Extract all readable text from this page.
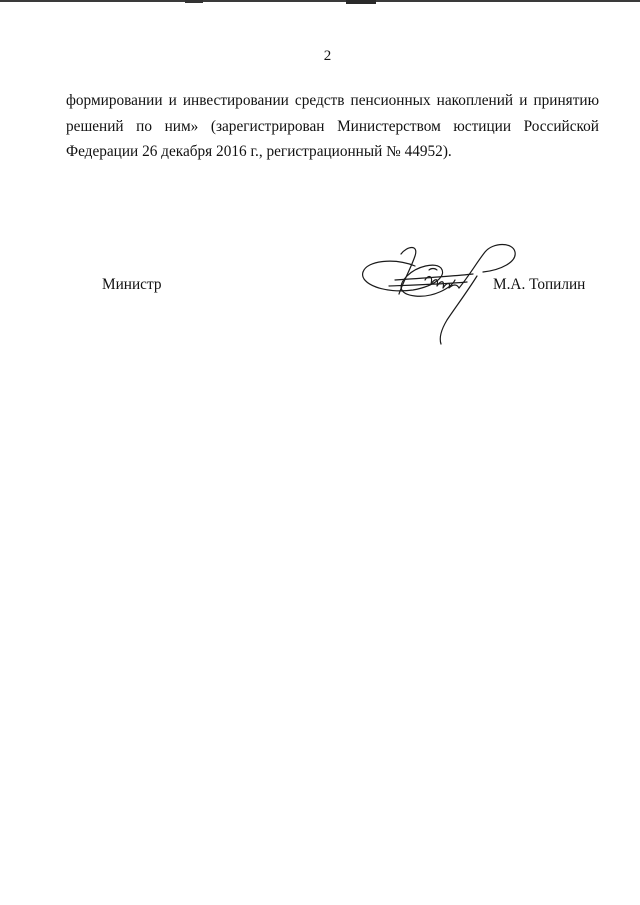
2
формировании и инвестировании средств пенсионных накоплений и принятию
решений по ним» (зарегистрирован Министерством юстиции Российской
Федерации 26 декабря 2016 г., регистрационный № 44952).
Министр	М.А. Топилин
